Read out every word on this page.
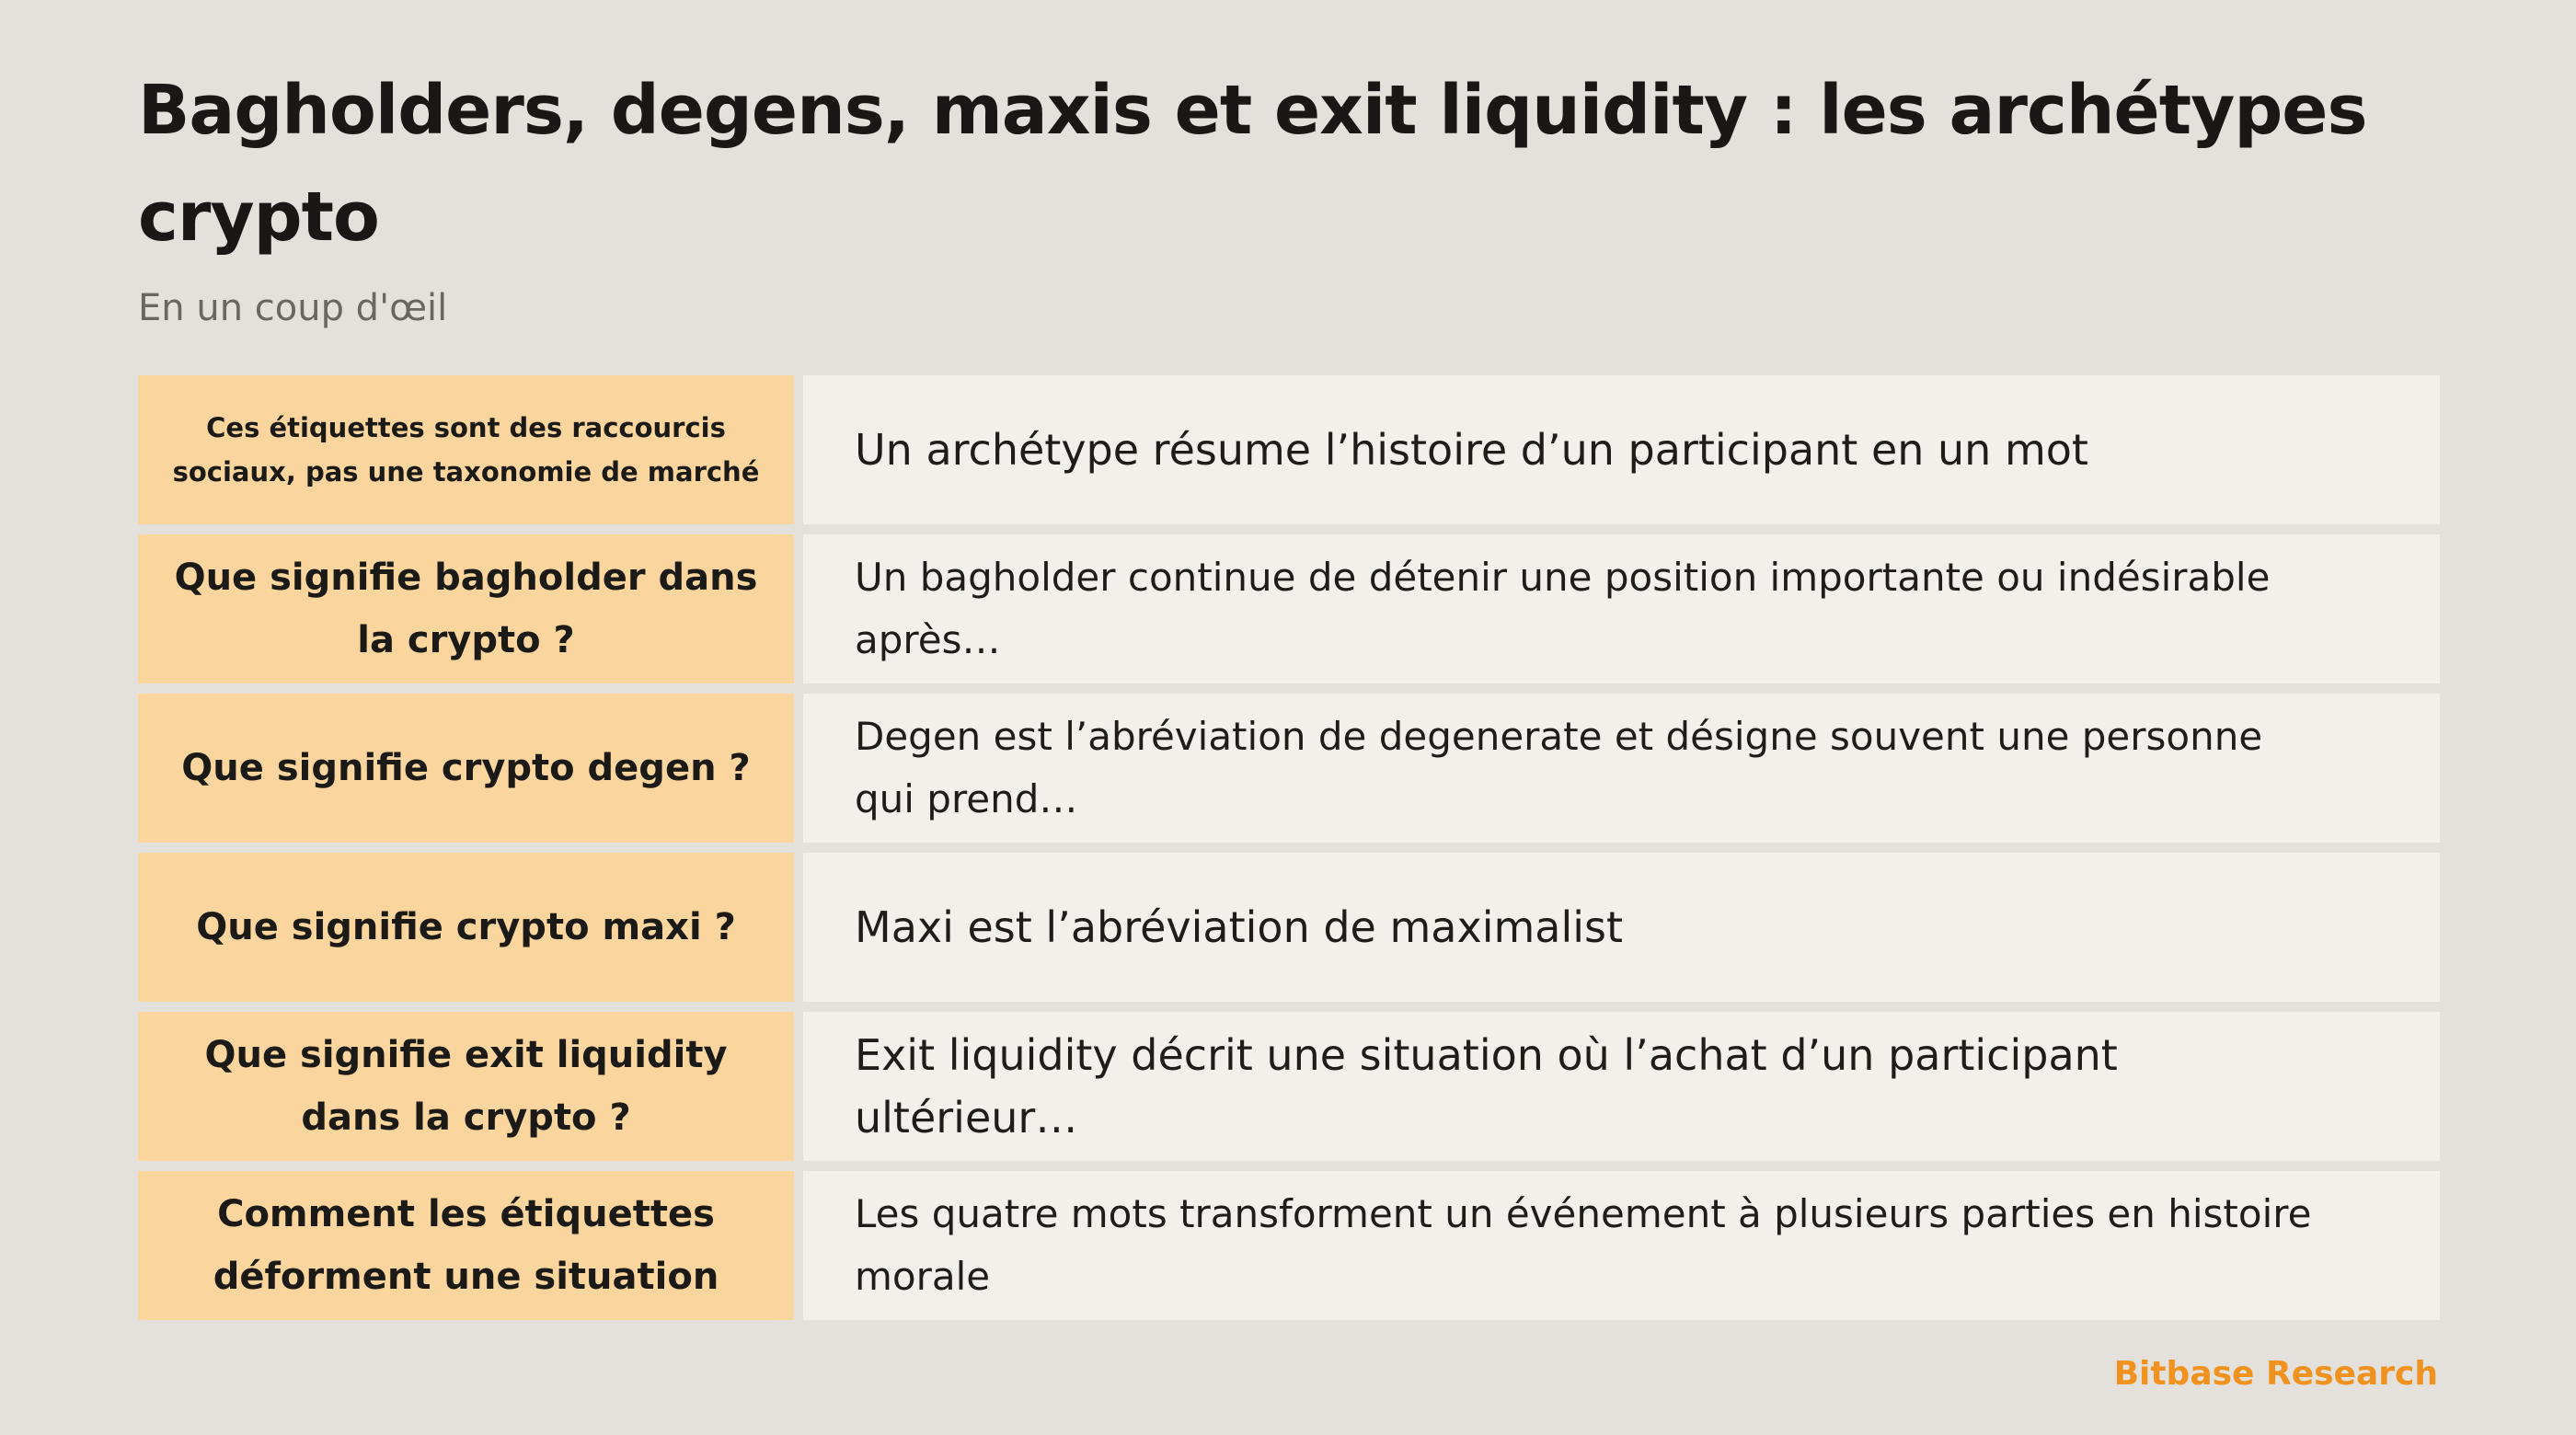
Bagholders, degens, maxis et exit liquidity : les archétypes crypto

En un coup d'œil

Ces étiquettes sont des raccourcis sociaux, pas une taxonomie de marché	Un archétype résume l’histoire d’un participant en un mot
Que signifie bagholder dans la crypto ?
Un bagholder continue de détenir une position importante ou indésirable après…
Que signifie crypto degen ?
Degen est l’abréviation de degenerate et désigne souvent une personne qui prend…
Que signifie crypto maxi ?	Maxi est l’abréviation de maximalist
Que signifie exit liquidity dans la crypto ?
Exit liquidity décrit une situation où l’achat d’un participant ultérieur…
Comment les étiquettes déforment une situation
Les quatre mots transforment un événement à plusieurs parties en histoire morale

Bitbase Research
